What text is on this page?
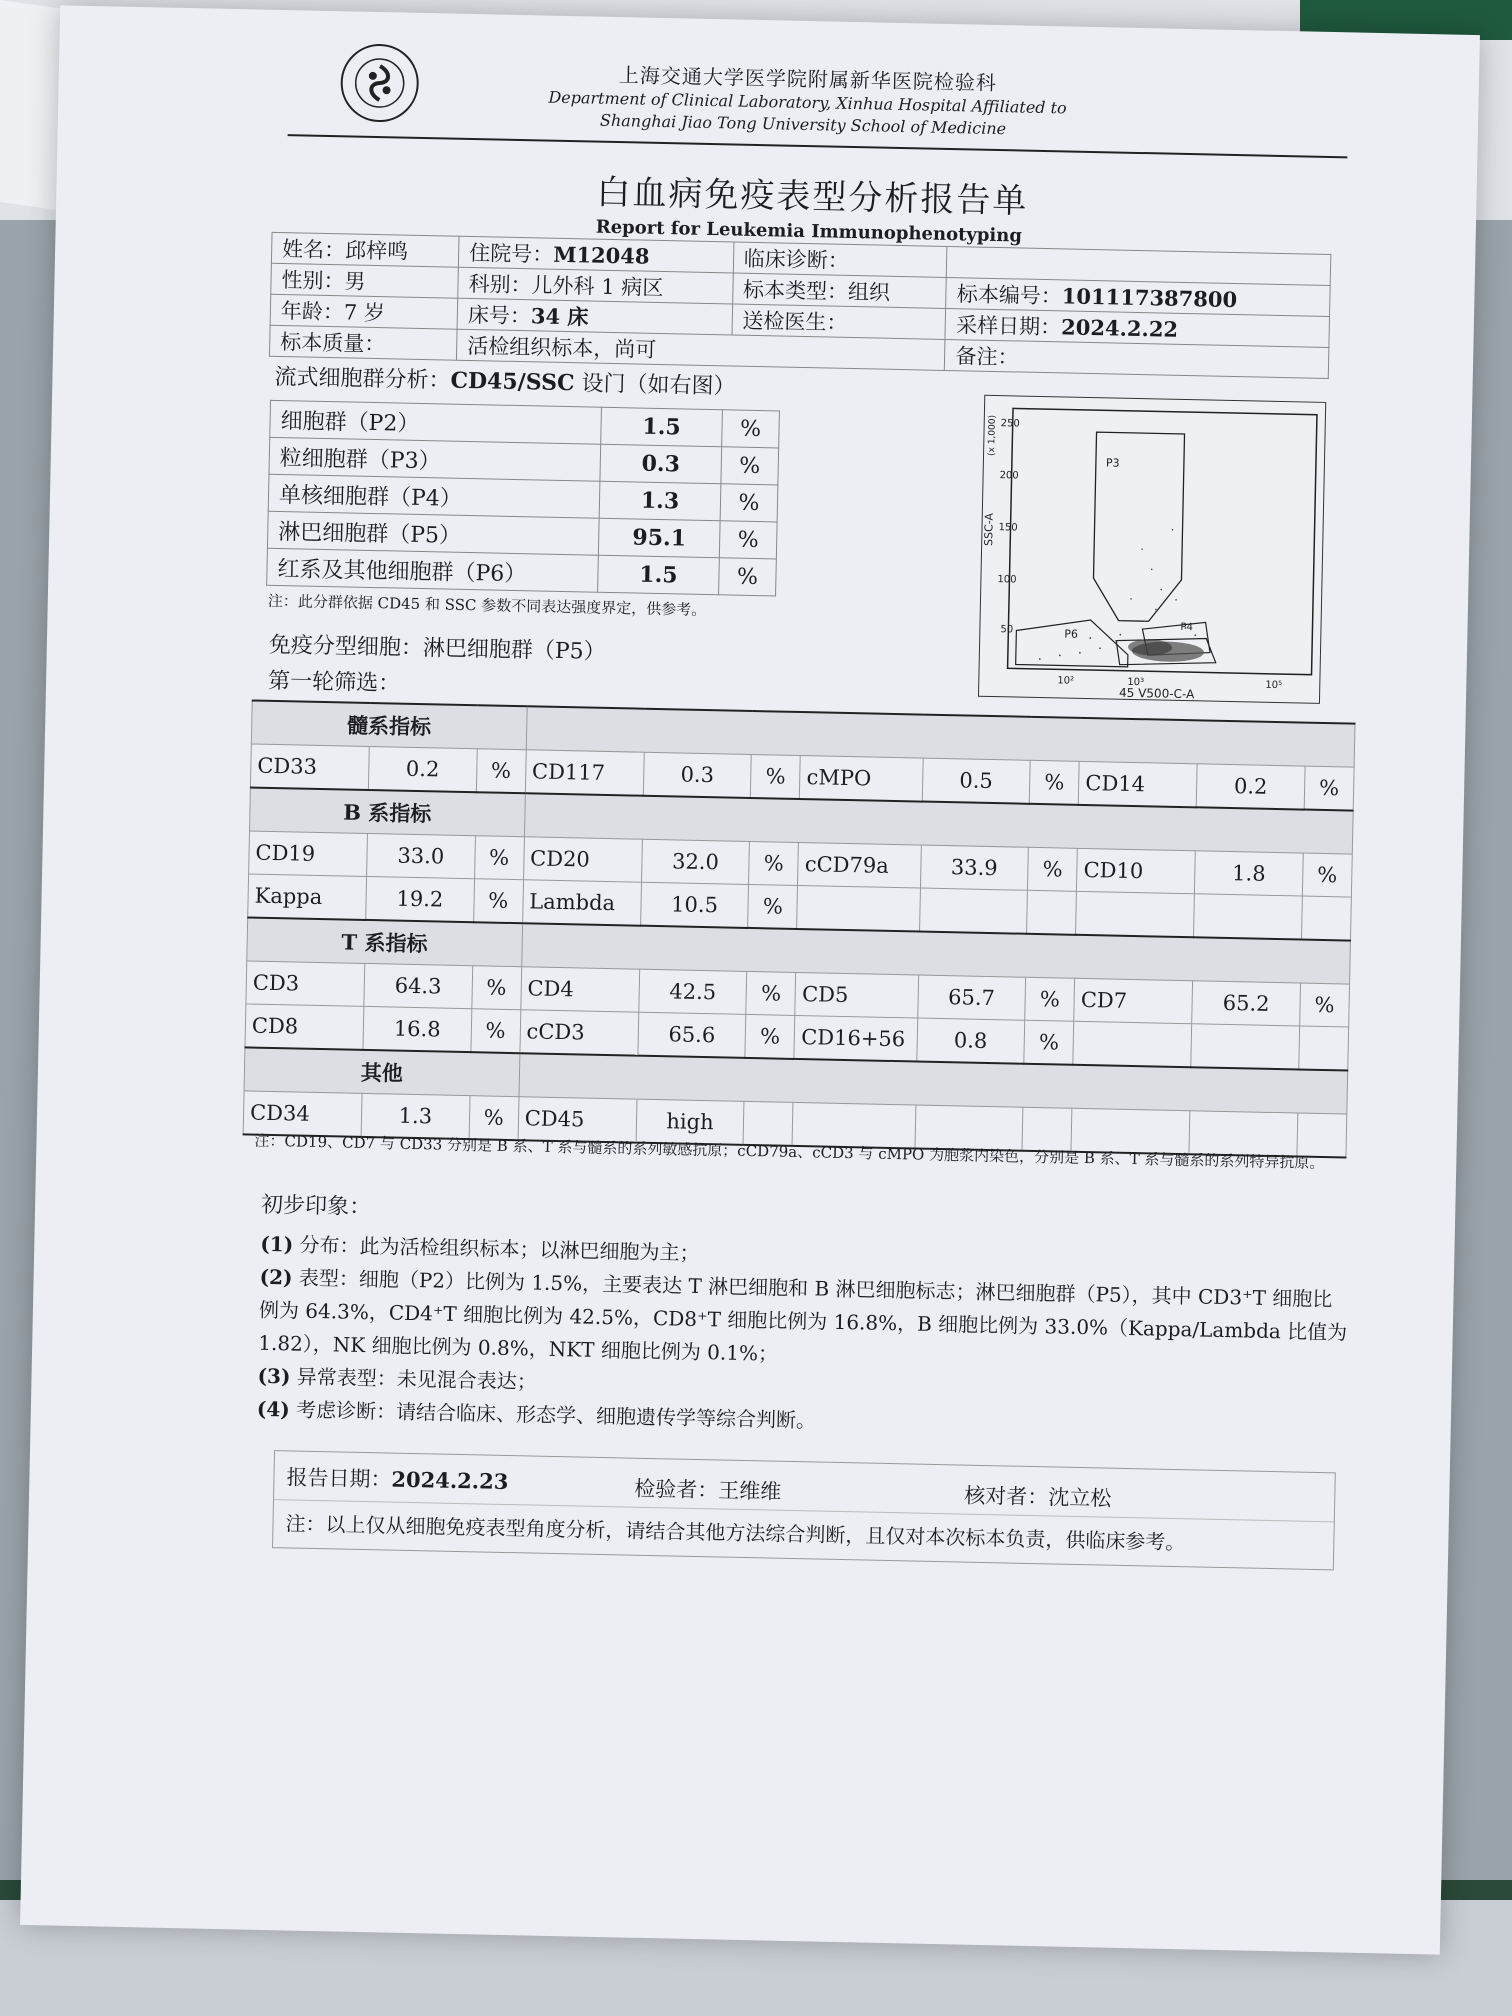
上海交通大学医学院附属新华医院检验科
Department of Clinical Laboratory, Xinhua Hospital Affiliated to
Shanghai Jiao Tong University School of Medicine
白血病免疫表型分析报告单
Report for Leukemia Immunophenotyping
姓名：邱梓鸣	住院号：M12048	临床诊断：	
性别：男	科别：儿外科 1 病区	标本类型：组织	标本编号：101117387800
年龄：7 岁	床号：34 床	送检医生：	采样日期：2024.2.22
标本质量：	活检组织标本，尚可		备注：
流式细胞群分析：CD45/SSC 设门（如右图）
细胞群（P2）	1.5	%
粒细胞群（P3）	0.3	%
单核细胞群（P4）	1.3	%
淋巴细胞群（P5）	95.1	%
红系及其他细胞群（P6）	1.5	%
注：此分群依据 CD45 和 SSC 参数不同表达强度界定，供参考。
SSC-A
(x 1,000) 250
200
150
100
50
10²	10³	10⁵
45 V500-C-A
P3
P4
P6
免疫分型细胞：淋巴细胞群（P5）
第一轮筛选：
髓系指标											
CD33	0.2	%	CD117	0.3	%	cMPO	0.5	%	CD14	0.2	%
B 系指标											
CD19	33.0	%	CD20	32.0	%	cCD79a	33.9	%	CD10	1.8	%
Kappa	19.2	%	Lambda	10.5	%						
T 系指标											
CD3	64.3	%	CD4	42.5	%	CD5	65.7	%	CD7	65.2	%
CD8	16.8	%	cCD3	65.6	%	CD16+56	0.8	%			
其他											
CD34	1.3	%	CD45	high							
注：CD19、CD7 与 CD33 分别是 B 系、T 系与髓系的系列敏感抗原；cCD79a、cCD3 与 cMPO 为胞浆内染色，分别是 B 系、T 系与髓系的系列特异抗原。
初步印象：

(1) 分布：此为活检组织标本；以淋巴细胞为主；

(2) 表型：细胞（P2）比例为 1.5%，主要表达 T 淋巴细胞和 B 淋巴细胞标志；淋巴细胞群（P5），其中 CD3⁺T 细胞比例为 64.3%，CD4⁺T 细胞比例为 42.5%，CD8⁺T 细胞比例为 16.8%，B 细胞比例为 33.0%（Kappa/Lambda 比值为 1.82），NK 细胞比例为 0.8%，NKT 细胞比例为 0.1%；

(3) 异常表型：未见混合表达；

(4) 考虑诊断：请结合临床、形态学、细胞遗传学等综合判断。

报告日期：2024.2.23	检验者：王维维	核对者：沈立松
注：以上仅从细胞免疫表型角度分析，请结合其他方法综合判断，且仅对本次标本负责，供临床参考。
